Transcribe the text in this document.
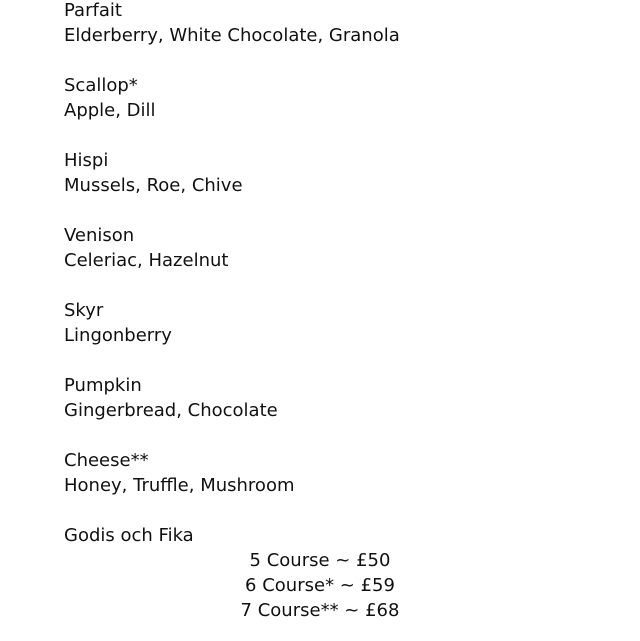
Parfait
Elderberry, White Chocolate, Granola
Scallop*
Apple, Dill
Hispi
Mussels, Roe, Chive
Venison
Celeriac, Hazelnut
Skyr
Lingonberry
Pumpkin
Gingerbread, Chocolate
Cheese**
Honey, Truffle, Mushroom
Godis och Fika
5 Course ~ £50
6 Course* ~ £59
7 Course** ~ £68
